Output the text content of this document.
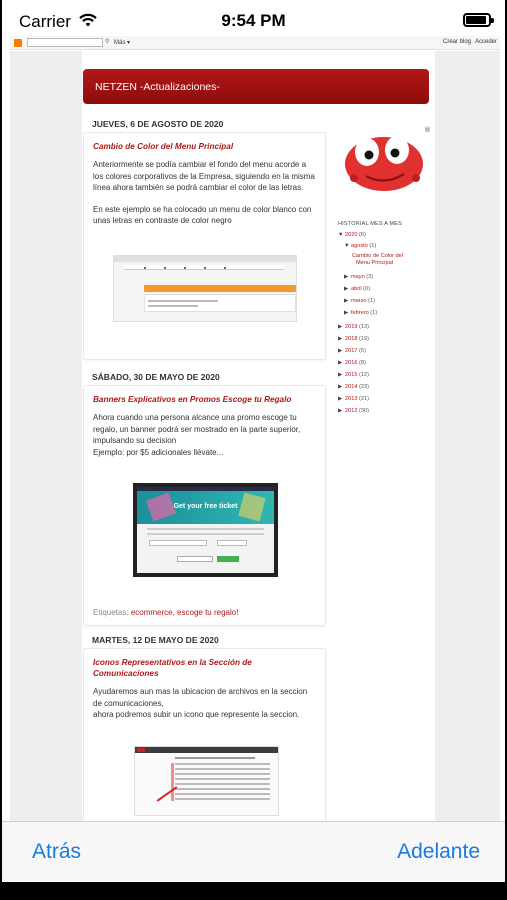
Carrier	9:54 PM
⚲ Más ▾	Crear blog Acceder
NETZEN -Actualizaciones-
JUEVES, 6 DE AGOSTO DE 2020
Cambio de Color del Menu Principal

Anteriormente se podía cambiar el fondo del menu acorde a los colores corporativos de la Empresa, siguiendo en la misma línea ahora también se podrá cambiar el color de las letras.

En este ejemplo se ha colocado un menu de color blanco con unas letras en contraste de color negro

SÁBADO, 30 DE MAYO DE 2020
Banners Explicativos en Promos Escoge tu Regalo

Ahora cuando una persona alcance una promo escoge tu regalo, un banner podrá ser mostrado en la parte superior, impulsando su decision

Ejemplo: por $5 adicionales llévate...

Get your free ticket
Etiquetas: ecommerce, escoge tu regalo!
MARTES, 12 DE MAYO DE 2020
Iconos Representativos en la Sección de Comunicaciones

Ayudaremos aun mas la ubicacion de archivos en la seccion de comunicaciones,

ahora podremos subir un icono que represente la seccion.

®
HISTORIAL MES A MES
▼2020 (6)
▼agosto (1)
Cambio de Color del
Menu Principal
▶ mayo (3)
▶ abril (0)
▶ marzo (1)
▶ febrero (1)
▶ 2019 (13)
▶ 2018 (19)
▶ 2017 (5)
▶ 2016 (8)
▶ 2015 (12)
▶ 2014 (23)
▶ 2013 (21)
▶ 2012 (30)
Atrás	Adelante
